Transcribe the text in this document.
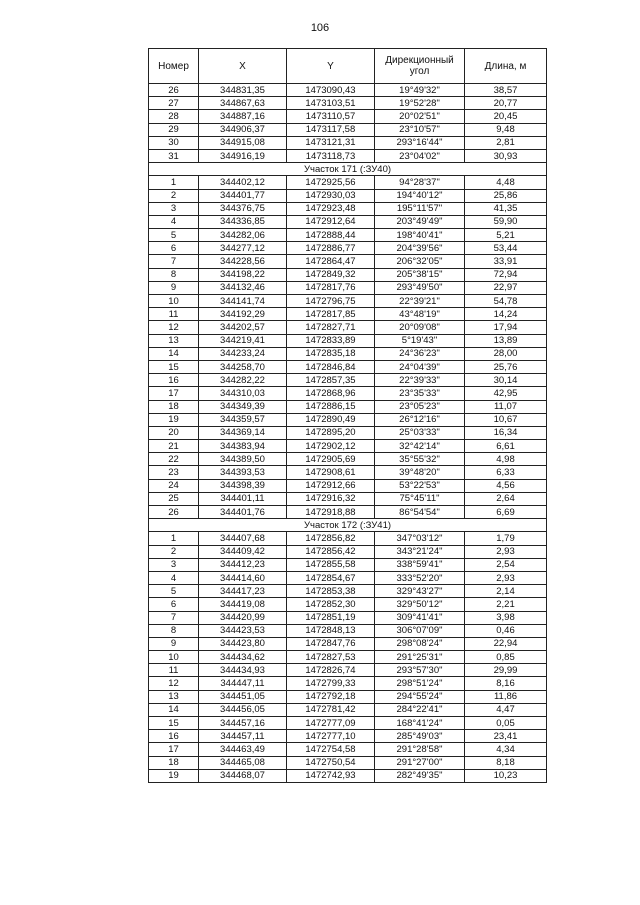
106
Номер	X	Y	Дирекционный угол	Длина, м
26	344831,35	1473090,43	19°49'32"	38,57
27	344867,63	1473103,51	19°52'28"	20,77
28	344887,16	1473110,57	20°02'51"	20,45
29	344906,37	1473117,58	23°10'57"	9,48
30	344915,08	1473121,31	293°16'44"	2,81
31	344916,19	1473118,73	23°04'02"	30,93
Участок 171 (:ЗУ40)				
1	344402,12	1472925,56	94°28'37"	4,48
2	344401,77	1472930,03	194°40'12"	25,86
3	344376,75	1472923,48	195°11'57"	41,35
4	344336,85	1472912,64	203°49'49"	59,90
5	344282,06	1472888,44	198°40'41"	5,21
6	344277,12	1472886,77	204°39'56"	53,44
7	344228,56	1472864,47	206°32'05"	33,91
8	344198,22	1472849,32	205°38'15"	72,94
9	344132,46	1472817,76	293°49'50"	22,97
10	344141,74	1472796,75	22°39'21"	54,78
11	344192,29	1472817,85	43°48'19"	14,24
12	344202,57	1472827,71	20°09'08"	17,94
13	344219,41	1472833,89	5°19'43"	13,89
14	344233,24	1472835,18	24°36'23"	28,00
15	344258,70	1472846,84	24°04'39"	25,76
16	344282,22	1472857,35	22°39'33"	30,14
17	344310,03	1472868,96	23°35'33"	42,95
18	344349,39	1472886,15	23°05'23"	11,07
19	344359,57	1472890,49	26°12'16"	10,67
20	344369,14	1472895,20	25°03'33"	16,34
21	344383,94	1472902,12	32°42'14"	6,61
22	344389,50	1472905,69	35°55'32"	4,98
23	344393,53	1472908,61	39°48'20"	6,33
24	344398,39	1472912,66	53°22'53"	4,56
25	344401,11	1472916,32	75°45'11"	2,64
26	344401,76	1472918,88	86°54'54"	6,69
Участок 172 (:ЗУ41)				
1	344407,68	1472856,82	347°03'12"	1,79
2	344409,42	1472856,42	343°21'24"	2,93
3	344412,23	1472855,58	338°59'41"	2,54
4	344414,60	1472854,67	333°52'20"	2,93
5	344417,23	1472853,38	329°43'27"	2,14
6	344419,08	1472852,30	329°50'12"	2,21
7	344420,99	1472851,19	309°41'41"	3,98
8	344423,53	1472848,13	306°07'09"	0,46
9	344423,80	1472847,76	298°08'24"	22,94
10	344434,62	1472827,53	291°25'31"	0,85
11	344434,93	1472826,74	293°57'30"	29,99
12	344447,11	1472799,33	298°51'24"	8,16
13	344451,05	1472792,18	294°55'24"	11,86
14	344456,05	1472781,42	284°22'41"	4,47
15	344457,16	1472777,09	168°41'24"	0,05
16	344457,11	1472777,10	285°49'03"	23,41
17	344463,49	1472754,58	291°28'58"	4,34
18	344465,08	1472750,54	291°27'00"	8,18
19	344468,07	1472742,93	282°49'35"	10,23
